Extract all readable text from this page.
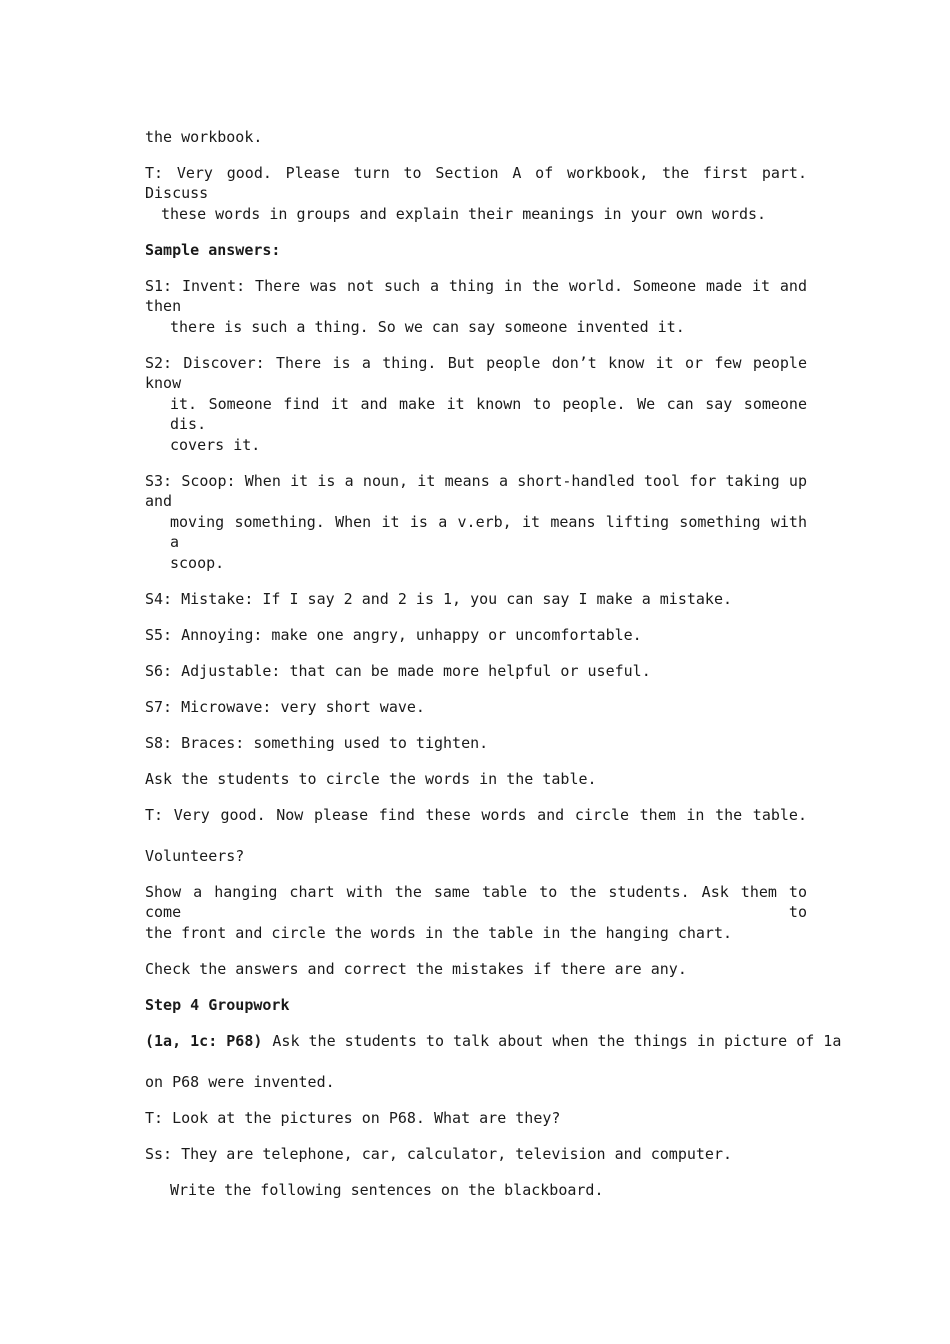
the workbook.
T: Very good. Please turn to Section A of workbook, the first part. Discuss
these words in groups and explain their meanings in your own words.
Sample answers:
S1: Invent: There was not such a thing in the world. Someone made it and then
there is such a thing. So we can say someone invented it.
S2: Discover: There is a thing. But people don’t know it or few people know
it. Someone find it and make it known to people. We can say someone dis.
covers it.
S3: Scoop: When it is a noun, it means a short-handled tool for taking up and
moving something. When it is a v.erb, it means lifting something with a
scoop.
S4: Mistake: If I say 2 and 2 is 1, you can say I make a mistake.
S5: Annoying: make one angry, unhappy or uncomfortable.
S6: Adjustable: that can be made more helpful or useful.
S7: Microwave: very short wave.
S8: Braces: something used to tighten.
Ask the students to circle the words in the table.
T: Very good. Now please find these words and circle them in the table.
Volunteers?
Show a hanging chart with the same table to the students. Ask them to come to
the front and circle the words in the table in the hanging chart.
Check the answers and correct the mistakes if there are any.
Step 4 Groupwork
(1a, 1c: P68) Ask the students to talk about when the things in picture of 1a
on P68 were invented.
T: Look at the pictures on P68. What are they?
Ss: They are telephone, car, calculator, television and computer.
Write the following sentences on the blackboard.
